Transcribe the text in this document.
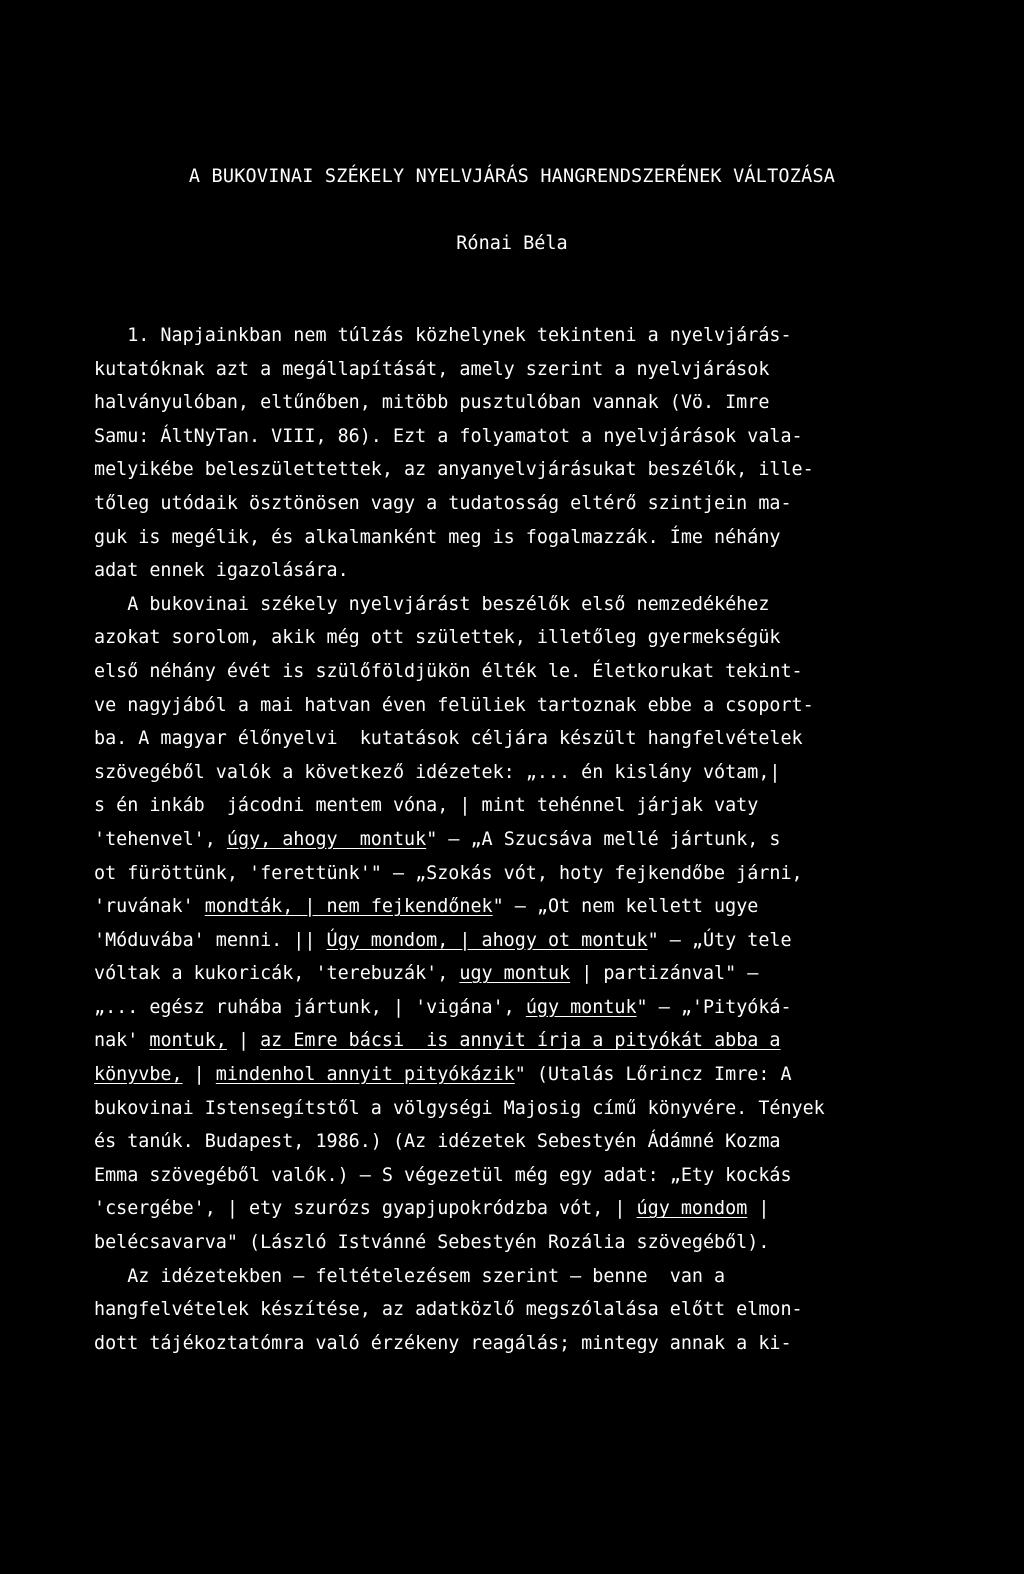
A BUKOVINAI SZÉKELY NYELVJÁRÁS HANGRENDSZERÉNEK VÁLTOZÁSA
Rónai Béla
1. Napjainkban nem túlzás közhelynek tekinteni a nyelvjárás-
kutatóknak azt a megállapítását, amely szerint a nyelvjárások
halványulóban, eltűnőben, mitöbb pusztulóban vannak (Vö. Imre
Samu: ÁltNyTan. VIII, 86). Ezt a folyamatot a nyelvjárások vala-
melyikébe beleszülettettek, az anyanyelvjárásukat beszélők, ille-
tőleg utódaik ösztönösen vagy a tudatosság eltérő szintjein ma-
guk is megélik, és alkalmanként meg is fogalmazzák. Íme néhány
adat ennek igazolására.
A bukovinai székely nyelvjárást beszélők első nemzedékéhez
azokat sorolom, akik még ott születtek, illetőleg gyermekségük
első néhány évét is szülőföldjükön élték le. Életkorukat tekint-
ve nagyjából a mai hatvan éven felüliek tartoznak ebbe a csoport-
ba. A magyar élőnyelvi  kutatások céljára készült hangfelvételek
szövegéből valók a következő idézetek: „... én kislány vótam,|
s én inkáb  jácodni mentem vóna, | mint tehénnel járjak vaty
'tehenvel', úgy, ahogy  montuk" — „A Szucsáva mellé jártunk, s
ot füröttünk, 'ferettünk'" — „Szokás vót, hoty fejkendőbe járni,
'ruvának' mondták, | nem fejkendőnek" — „Ot nem kellett ugye
'Móduvába' menni. || Úgy mondom, | ahogy ot montuk" — „Úty tele
vóltak a kukoricák, 'terebuzák', ugy montuk | partizánval" —
„... egész ruhába jártunk, | 'vigána', úgy montuk" — „'Pityóká-
nak' montuk, | az Emre bácsi  is annyit írja a pityókát abba a
könyvbe, | mindenhol annyit pityókázik" (Utalás Lőrincz Imre: A
bukovinai Istensegítstől a völgységi Majosig című könyvére. Tények
és tanúk. Budapest, 1986.) (Az idézetek Sebestyén Ádámné Kozma
Emma szövegéből valók.) — S végezetül még egy adat: „Ety kockás
'csergébe', | ety szurózs gyapjupokródzba vót, | úgy mondom |
belécsavarva" (László Istvánné Sebestyén Rozália szövegéből).
Az idézetekben — feltételezésem szerint — benne  van a
hangfelvételek készítése, az adatközlő megszólalása előtt elmon-
dott tájékoztatómra való érzékeny reagálás; mintegy annak a ki-
